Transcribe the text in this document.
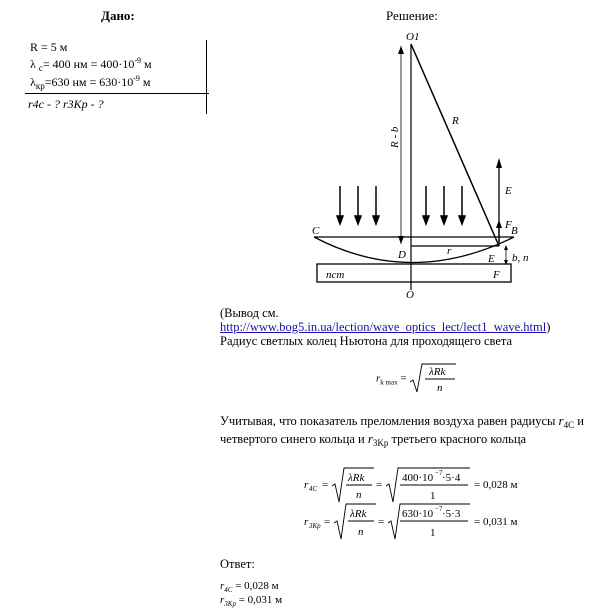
Дано:
R = 5 м
λ $_с$= 400 нм = $400\cdot 10^{-9}$ м
$\lambda_{кр}=630$ нм = $630\cdot 10^{-9}$ м
r4c - ? r3Kp - ?
Решение:
O1
R - b
R
E
F B
C
D	r
E b, n
nст	F
O
(Вывод см.
http://www.bog5.in.ua/lection/wave_optics_lect/lect1_wave.html)
Радиус светлых колец Ньютона для проходящего света
$r_{k max}$ =
λRk
n
Учитывая, что показатель преломления воздуха равен радиусы $r_{4C}$ и
четвертого синего кольца и $r_{3Kp}$ третьего красного кольца
r 4C =
λRk
n
=
400·10 −7 ·5·4
1
= 0,028 м
r 3Kp =
λRk
n
=
630·10 −7 ·5·3
1
= 0,031 м
Ответ:
$r_{4C} = 0,028$ м
$r_{3Kp} = 0,031$ м
